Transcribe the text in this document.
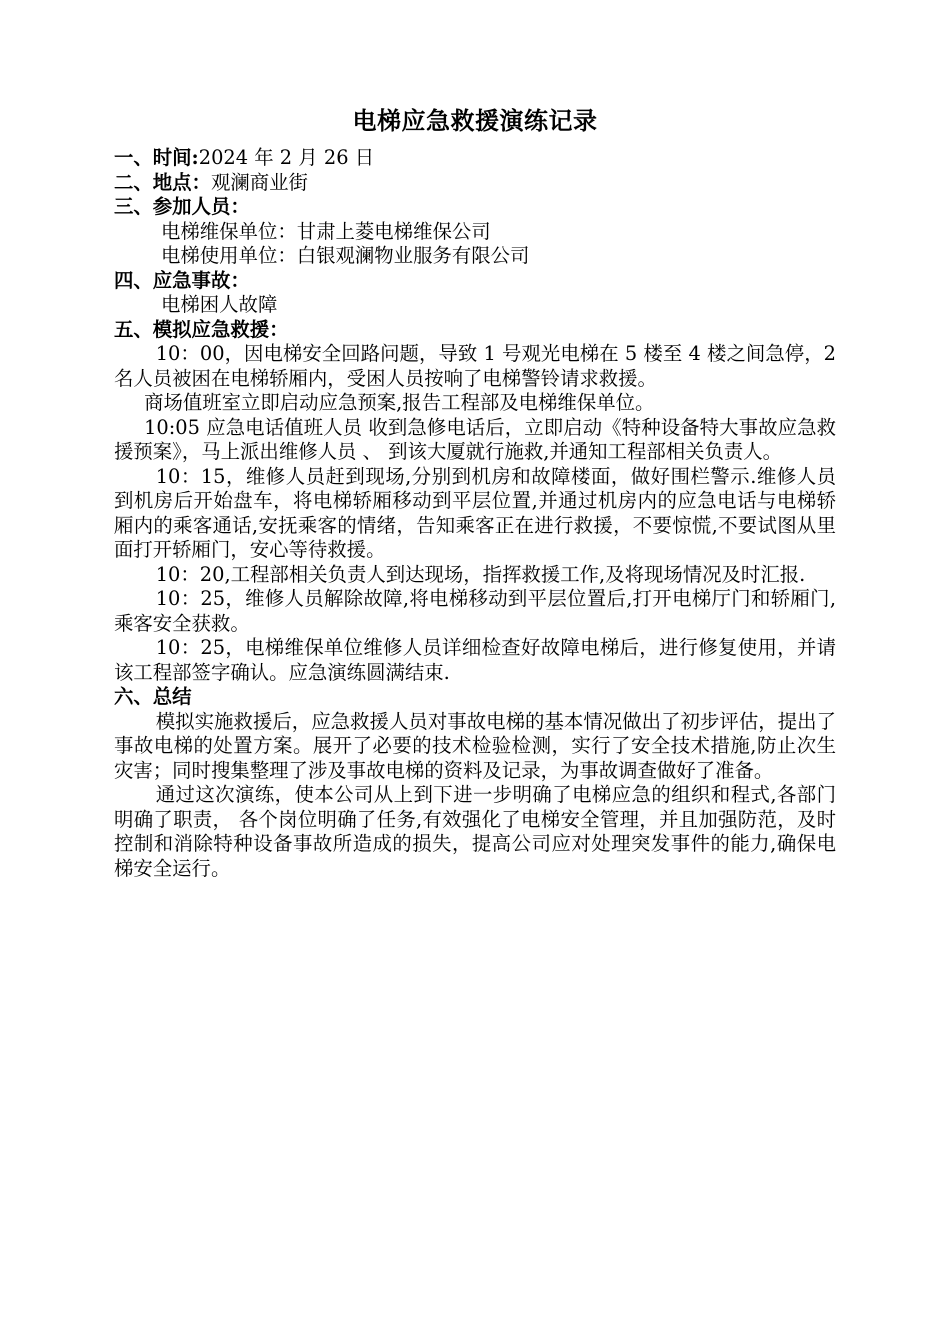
电梯应急救援演练记录

一、时间:2024 年 2 月 26 日

二、地点：观澜商业街

三、参加人员：

电梯维保单位：甘肃上菱电梯维保公司

电梯使用单位：白银观澜物业服务有限公司

四、应急事故：

电梯困人故障

五、模拟应急救援：

10：00，因电梯安全回路问题，导致 1 号观光电梯在 5 楼至 4 楼之间急停，2 名人员被困在电梯轿厢内，受困人员按响了电梯警铃请求救援。

商场值班室立即启动应急预案,报告工程部及电梯维保单位。

10:05 应急电话值班人员 收到急修电话后，立即启动《特种设备特大事故应急救援预案》，马上派出维修人员 、 到该大厦就行施救,并通知工程部相关负责人。

10：15，维修人员赶到现场,分别到机房和故障楼面，做好围栏警示.维修人员到机房后开始盘车，将电梯轿厢移动到平层位置,并通过机房内的应急电话与电梯轿厢内的乘客通话,安抚乘客的情绪，告知乘客正在进行救援，不要惊慌,不要试图从里面打开轿厢门，安心等待救援。

10：20,工程部相关负责人到达现场，指挥救援工作,及将现场情况及时汇报.

10：25，维修人员解除故障,将电梯移动到平层位置后,打开电梯厅门和轿厢门,乘客安全获救。

10：25，电梯维保单位维修人员详细检查好故障电梯后，进行修复使用，并请该工程部签字确认。应急演练圆满结束.

六、总结

模拟实施救援后，应急救援人员对事故电梯的基本情况做出了初步评估，提出了事故电梯的处置方案。展开了必要的技术检验检测，实行了安全技术措施,防止次生灾害；同时搜集整理了涉及事故电梯的资料及记录，为事故调查做好了准备。

通过这次演练，使本公司从上到下进一步明确了电梯应急的组织和程式,各部门明确了职责， 各个岗位明确了任务,有效强化了电梯安全管理，并且加强防范，及时控制和消除特种设备事故所造成的损失，提高公司应对处理突发事件的能力,确保电梯安全运行。
